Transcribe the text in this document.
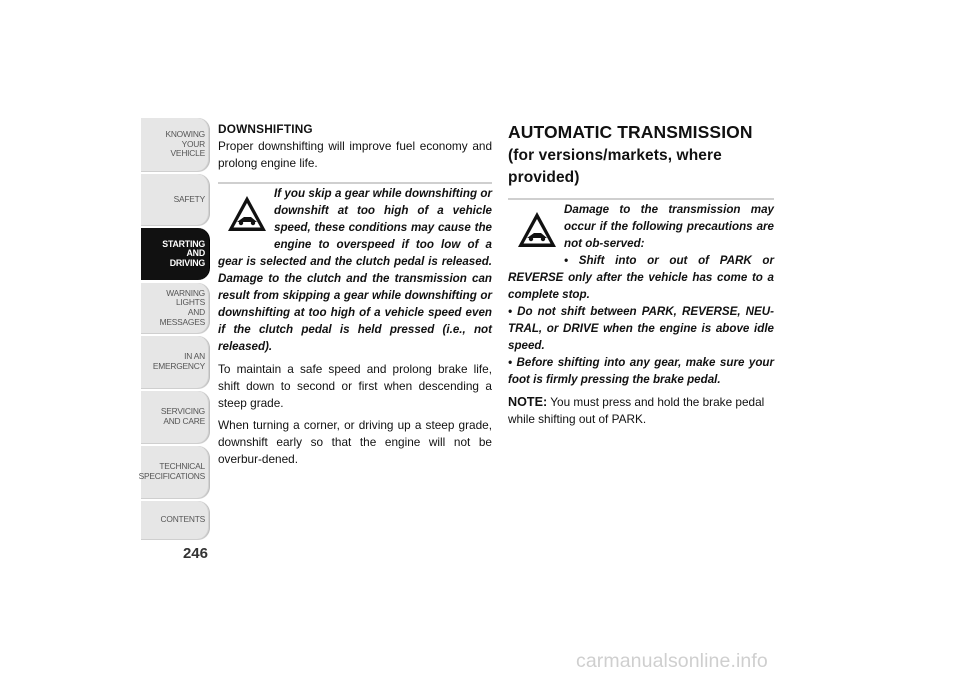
KNOWING
YOUR
VEHICLE
SAFETY
STARTING
AND
DRIVING
WARNING
LIGHTS
AND
MESSAGES
IN AN
EMERGENCY
SERVICING
AND CARE
TECHNICAL
SPECIFICATIONS
CONTENTS
246
DOWNSHIFTING

Proper downshifting will improve fuel economy and prolong engine life.

If you skip a gear while downshifting or downshift at too high of a vehicle speed, these conditions may cause the engine to overspeed if too low of a gear is selected and the clutch pedal is released. Damage to the clutch and the transmission can result from skipping a gear while downshifting or downshifting at too high of a vehicle speed even if the clutch pedal is held pressed (i.e., not released).

To maintain a safe speed and prolong brake life, shift down to second or first when descending a steep grade.

When turning a corner, or driving up a steep grade, downshift early so that the engine will not be overbur-dened.

AUTOMATIC TRANSMISSION (for versions/markets, where provided)

Damage to the transmission may occur if the following precautions are not ob-served:

• Shift into or out of PARK or REVERSE only after the vehicle has come to a complete stop.

• Do not shift between PARK, REVERSE, NEU-TRAL, or DRIVE when the engine is above idle speed.

• Before shifting into any gear, make sure your foot is firmly pressing the brake pedal.

NOTE: You must press and hold the brake pedal while shifting out of PARK.

carmanualsonline.info
